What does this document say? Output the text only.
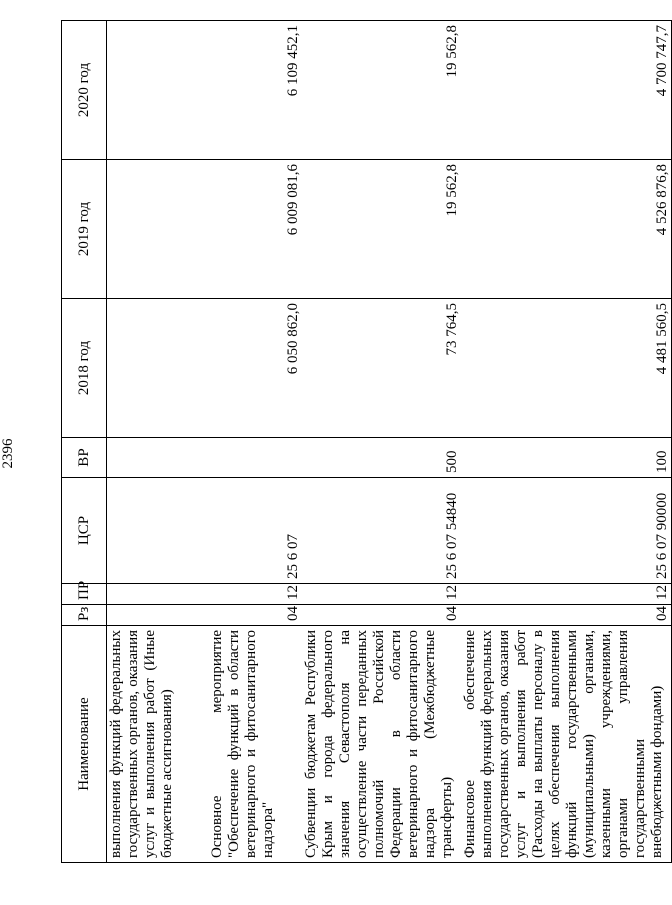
2396
Наименование	Рз	ПР	ЦСР	ВР	2018 год	2019 год	2020 год
выполнения функций федеральных государственных органов, оказания услуг и выполнения работ (Иные бюджетные ассигнования)							
Основное мероприятие "Обеспечение функций в области ветеринарного и фитосанитарного надзора"	04	12	25 6 07		6 050 862,0	6 009 081,6	6 109 452,1
Субвенции бюджетам Республики Крым и города федерального значения Севастополя на осуществление части переданных полномочий Российской Федерации в области ветеринарного и фитосанитарного надзора (Межбюджетные трансферты)	04	12	25 6 07 54840	500	73 764,5	19 562,8	19 562,8
Финансовое обеспечение выполнения функций федеральных государственных органов, оказания услуг и выполнения работ (Расходы на выплаты персоналу в целях обеспечения выполнения функций государственными (муниципальными) органами, казенными учреждениями, органами управления государственными внебюджетными фондами)	04	12	25 6 07 90000	100	4 481 560,5	4 526 876,8	4 700 747,7
